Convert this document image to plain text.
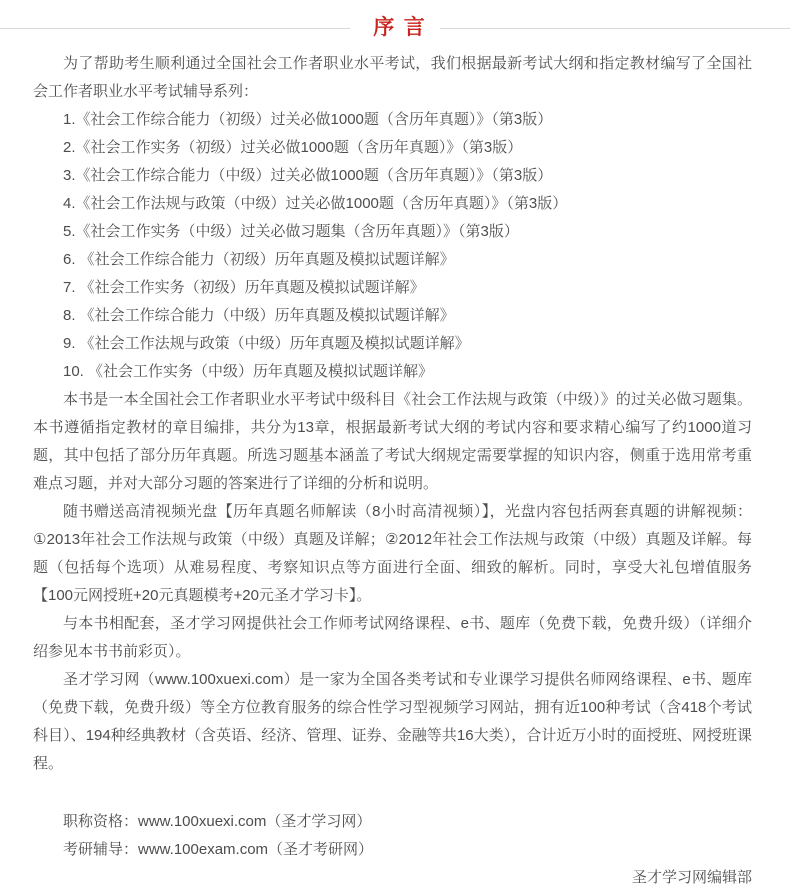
序言

为了帮助考生顺利通过全国社会工作者职业水平考试，我们根据最新考试大纲和指定教材编写了全国社会工作者职业水平考试辅导系列：

1.《社会工作综合能力（初级）过关必做1000题（含历年真题）》（第3版）
2.《社会工作实务（初级）过关必做1000题（含历年真题）》（第3版）
3.《社会工作综合能力（中级）过关必做1000题（含历年真题）》（第3版）
4.《社会工作法规与政策（中级）过关必做1000题（含历年真题）》（第3版）
5.《社会工作实务（中级）过关必做习题集（含历年真题）》（第3版）
6. 《社会工作综合能力（初级）历年真题及模拟试题详解》
7. 《社会工作实务（初级）历年真题及模拟试题详解》
8. 《社会工作综合能力（中级）历年真题及模拟试题详解》
9. 《社会工作法规与政策（中级）历年真题及模拟试题详解》
10. 《社会工作实务（中级）历年真题及模拟试题详解》

本书是一本全国社会工作者职业水平考试中级科目《社会工作法规与政策（中级）》的过关必做习题集。本书遵循指定教材的章目编排，共分为13章，根据最新考试大纲的考试内容和要求精心编写了约1000道习题，其中包括了部分历年真题。所选习题基本涵盖了考试大纲规定需要掌握的知识内容，侧重于选用常考重难点习题，并对大部分习题的答案进行了详细的分析和说明。

随书赠送高清视频光盘【历年真题名师解读（8小时高清视频）】，光盘内容包括两套真题的讲解视频：①2013年社会工作法规与政策（中级）真题及详解；②2012年社会工作法规与政策（中级）真题及详解。每题（包括每个选项）从难易程度、考察知识点等方面进行全面、细致的解析。同时，享受大礼包增值服务【100元网授班+20元真题模考+20元圣才学习卡】。

与本书相配套，圣才学习网提供社会工作师考试网络课程、e书、题库（免费下载，免费升级）（详细介绍参见本书书前彩页）。

圣才学习网（www.100xuexi.com）是一家为全国各类考试和专业课学习提供名师网络课程、e书、题库（免费下载，免费升级）等全方位教育服务的综合性学习型视频学习网站，拥有近100种考试（含418个考试科目）、194种经典教材（含英语、经济、管理、证券、金融等共16大类），合计近万小时的面授班、网授班课程。

职称资格：www.100xuexi.com（圣才学习网）
考研辅导：www.100exam.com（圣才考研网）

圣才学习网编辑部
